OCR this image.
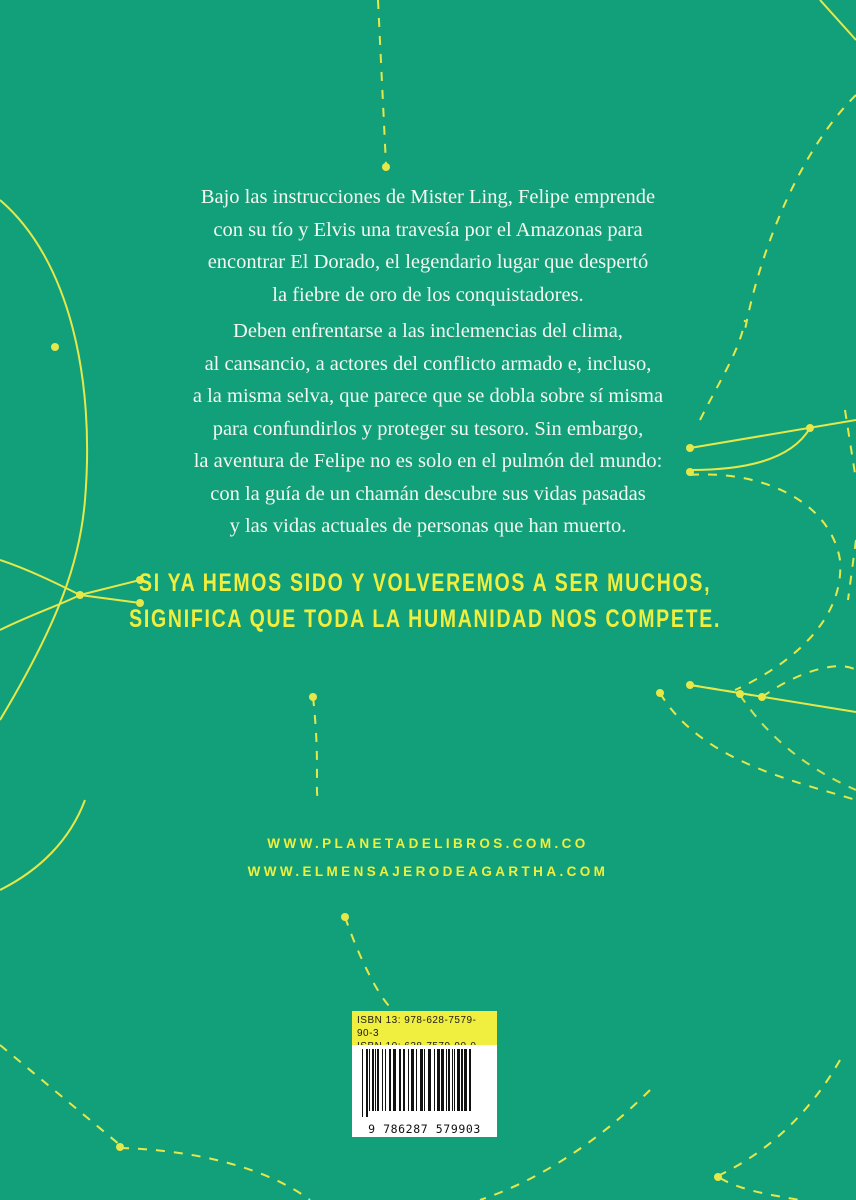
Bajo las instrucciones de Mister Ling, Felipe emprende
con su tío y Elvis una travesía por el Amazonas para
encontrar El Dorado, el legendario lugar que despertó
la fiebre de oro de los conquistadores.
Deben enfrentarse a las inclemencias del clima,
al cansancio, a actores del conflicto armado e, incluso,
a la misma selva, que parece que se dobla sobre sí misma
para confundirlos y proteger su tesoro. Sin embargo,
la aventura de Felipe no es solo en el pulmón del mundo:
con la guía de un chamán descubre sus vidas pasadas
y las vidas actuales de personas que han muerto.
SI YA HEMOS SIDO Y VOLVEREMOS A SER MUCHOS,
SIGNIFICA QUE TODA LA HUMANIDAD NOS COMPETE.
WWW.PLANETADELIBROS.COM.CO
WWW.ELMENSAJERODEAGARTHA.COM
ISBN 13: 978-628-7579-90-3
9 786287 579903
